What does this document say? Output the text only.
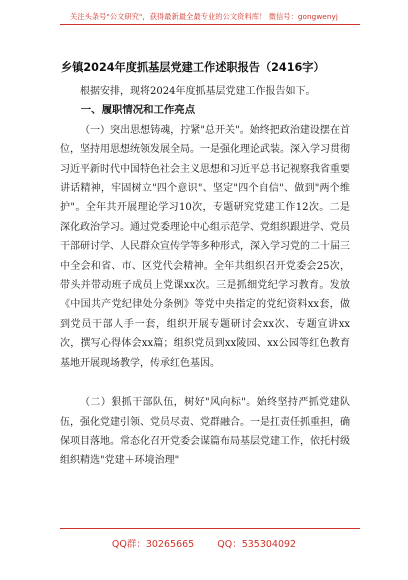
关注头条号"公文研究"，获得最新最全最专业的公文资料库！ 微信号：gongwenyj
乡镇2024年度抓基层党建工作述职报告（2416字）

根据安排，现将2024年度抓基层党建工作报告如下。

一、履职情况和工作亮点

（一）突出思想铸魂，拧紧"总开关"。始终把政治建设摆在首位，坚持用思想统领发展全局。一是强化理论武装。深入学习贯彻习近平新时代中国特色社会主义思想和习近平总书记视察我省重要讲话精神，牢固树立"四个意识"、坚定"四个自信"、做到"两个维护"。全年共开展理论学习10次，专题研究党建工作12次。二是深化政治学习。通过党委理论中心组示范学、党组织跟进学、党员干部研讨学、人民群众宣传学等多种形式，深入学习党的二十届三中全会和省、市、区党代会精神。全年共组织召开党委会25次，带头并带动班子成员上党课xx次。三是抓细党纪学习教育。发放《中国共产党纪律处分条例》等党中央指定的党纪资料xx套，做到党员干部人手一套，组织开展专题研讨会xx次、专题宣讲xx次，撰写心得体会xx篇；组织党员到xx陵园、xx公园等红色教育基地开展现场教学，传承红色基因。

（二）狠抓干部队伍，树好"风向标"。始终坚持严抓党建队伍，强化党建引领、党员尽责、党群融合。一是扛责任抓重担，确保项目落地。常态化召开党委会谋篇布局基层党建工作，依托村级组织精选"党建＋环境治理"

QQ群：30265665 QQ：535304092
